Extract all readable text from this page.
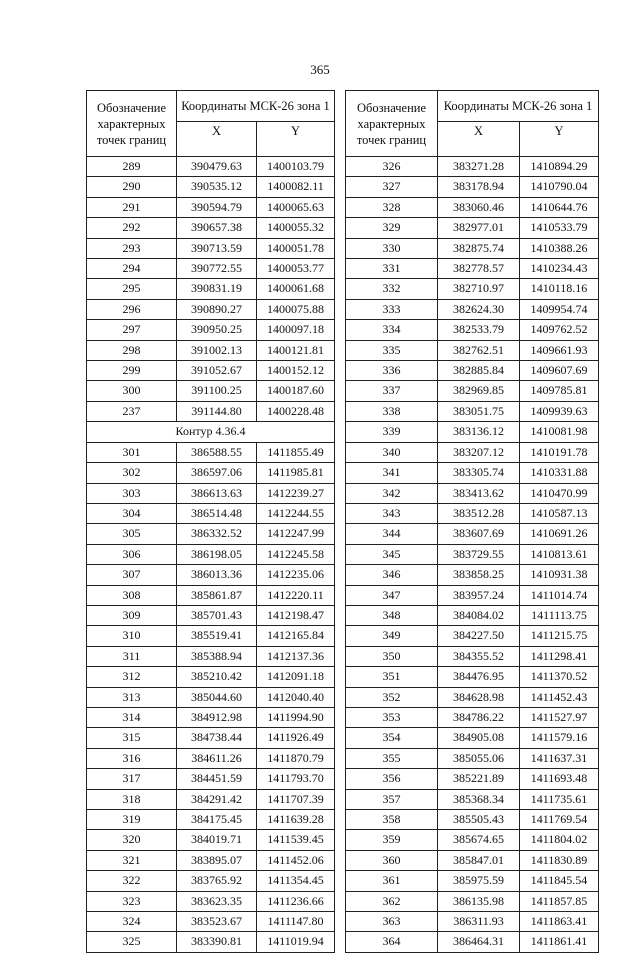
365
Обозначение характерных точек границ	Координаты МСК-26 зона 1	
	X	Y
289	390479.63	1400103.79
290	390535.12	1400082.11
291	390594.79	1400065.63
292	390657.38	1400055.32
293	390713.59	1400051.78
294	390772.55	1400053.77
295	390831.19	1400061.68
296	390890.27	1400075.88
297	390950.25	1400097.18
298	391002.13	1400121.81
299	391052.67	1400152.12
300	391100.25	1400187.60
237	391144.80	1400228.48
Контур 4.36.4		
301	386588.55	1411855.49
302	386597.06	1411985.81
303	386613.63	1412239.27
304	386514.48	1412244.55
305	386332.52	1412247.99
306	386198.05	1412245.58
307	386013.36	1412235.06
308	385861.87	1412220.11
309	385701.43	1412198.47
310	385519.41	1412165.84
311	385388.94	1412137.36
312	385210.42	1412091.18
313	385044.60	1412040.40
314	384912.98	1411994.90
315	384738.44	1411926.49
316	384611.26	1411870.79
317	384451.59	1411793.70
318	384291.42	1411707.39
319	384175.45	1411639.28
320	384019.71	1411539.45
321	383895.07	1411452.06
322	383765.92	1411354.45
323	383623.35	1411236.66
324	383523.67	1411147.80
325	383390.81	1411019.94
Обозначение характерных точек границ	Координаты МСК-26 зона 1	
	X	Y
326	383271.28	1410894.29
327	383178.94	1410790.04
328	383060.46	1410644.76
329	382977.01	1410533.79
330	382875.74	1410388.26
331	382778.57	1410234.43
332	382710.97	1410118.16
333	382624.30	1409954.74
334	382533.79	1409762.52
335	382762.51	1409661.93
336	382885.84	1409607.69
337	382969.85	1409785.81
338	383051.75	1409939.63
339	383136.12	1410081.98
340	383207.12	1410191.78
341	383305.74	1410331.88
342	383413.62	1410470.99
343	383512.28	1410587.13
344	383607.69	1410691.26
345	383729.55	1410813.61
346	383858.25	1410931.38
347	383957.24	1411014.74
348	384084.02	1411113.75
349	384227.50	1411215.75
350	384355.52	1411298.41
351	384476.95	1411370.52
352	384628.98	1411452.43
353	384786.22	1411527.97
354	384905.08	1411579.16
355	385055.06	1411637.31
356	385221.89	1411693.48
357	385368.34	1411735.61
358	385505.43	1411769.54
359	385674.65	1411804.02
360	385847.01	1411830.89
361	385975.59	1411845.54
362	386135.98	1411857.85
363	386311.93	1411863.41
364	386464.31	1411861.41
